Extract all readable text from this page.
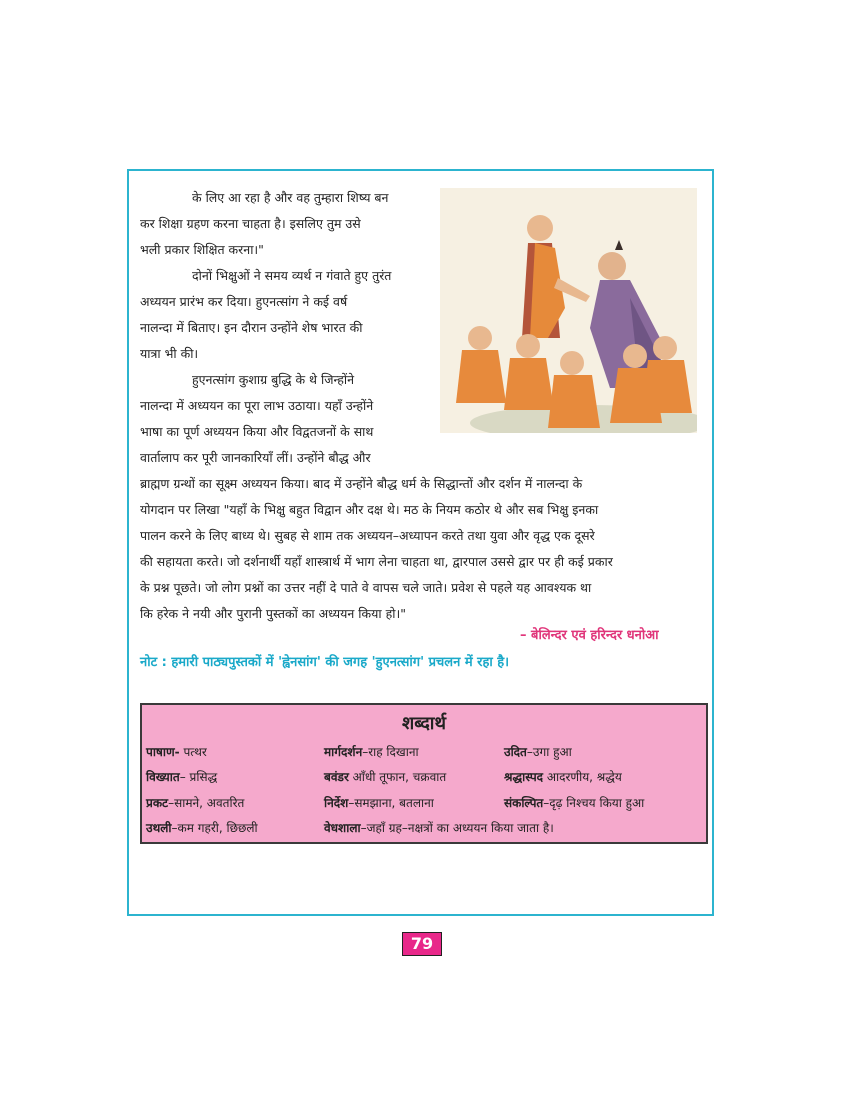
के लिए आ रहा है और वह तुम्हारा शिष्य बन
कर शिक्षा ग्रहण करना चाहता है। इसलिए तुम उसे
भली प्रकार शिक्षित करना।"
दोनों भिक्षुओं ने समय व्यर्थ न गंवाते हुए तुरंत
अध्ययन प्रारंभ कर दिया। हुएनत्सांग ने कई वर्ष
नालन्दा में बिताए। इन दौरान उन्होंने शेष भारत की
यात्रा भी की।
हुएनत्सांग कुशाग्र बुद्धि के थे जिन्होंने
नालन्दा में अध्ययन का पूरा लाभ उठाया। यहाँ उन्होंने
भाषा का पूर्ण अध्ययन किया और विद्वतजनों के साथ
वार्तालाप कर पूरी जानकारियाँ लीं। उन्होंने बौद्ध और
ब्राह्मण ग्रन्थों का सूक्ष्म अध्ययन किया। बाद में उन्होंने बौद्ध धर्म के सिद्धान्तों और दर्शन में नालन्दा के
योगदान पर लिखा "यहाँ के भिक्षु बहुत विद्वान और दक्ष थे। मठ के नियम कठोर थे और सब भिक्षु इनका
पालन करने के लिए बाध्य थे। सुबह से शाम तक अध्ययन–अध्यापन करते तथा युवा और वृद्ध एक दूसरे
की सहायता करते। जो दर्शनार्थी यहाँ शास्त्रार्थ में भाग लेना चाहता था, द्वारपाल उससे द्वार पर ही कई प्रकार
के प्रश्न पूछते। जो लोग प्रश्नों का उत्तर नहीं दे पाते वे वापस चले जाते। प्रवेश से पहले यह आवश्यक था
कि हरेक ने नयी और पुरानी पुस्तकों का अध्ययन किया हो।"
– बेलिन्दर एवं हरिन्दर धनोआ
नोट : हमारी पाठ्यपुस्तकों में 'ह्वेनसांग' की जगह 'हुएनत्सांग' प्रचलन में रहा है।
शब्दार्थ
पाषाण- पत्थर	मार्गदर्शन–राह दिखाना	उदित–उगा हुआ
विख्यात– प्रसिद्ध	बवंडर आँधी तूफान, चक्रवात	श्रद्धास्पद आदरणीय, श्रद्धेय
प्रकट–सामने, अवतरित	निर्देश–समझाना, बतलाना	संकल्पित–दृढ़ निश्चय किया हुआ
उथली–कम गहरी, छिछली	वेधशाला–जहाँ ग्रह–नक्षत्रों का अध्ययन किया जाता है।
79
